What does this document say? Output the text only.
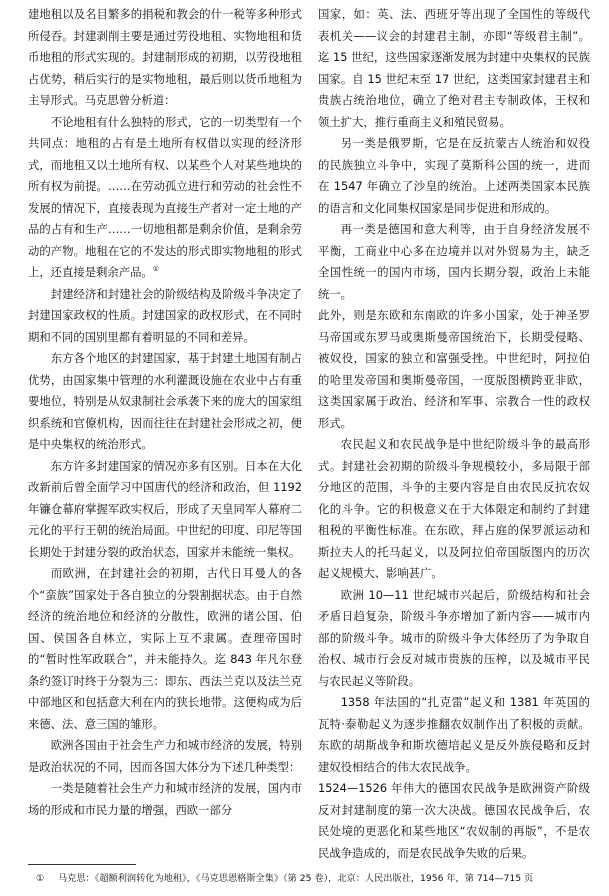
建地租以及名目繁多的捐税和教会的什一税等多种形式所侵吞。封建剥削主要是通过劳役地租、实物地租和货币地租的形式实现的。封建制形成的初期，以劳役地租占优势，稍后实行的是实物地租，最后则以货币地租为主导形式。马克思曾分析道：

不论地租有什么独特的形式，它的一切类型有一个共同点：地租的占有是土地所有权借以实现的经济形式，而地租又以土地所有权、以某些个人对某些地块的所有权为前提。……在劳动孤立进行和劳动的社会性不发展的情况下，直接表现为直接生产者对一定土地的产品的占有和生产……一切地租都是剩余价值，是剩余劳动的产物。地租在它的不发达的形式即实物地租的形式上，还直接是剩余产品。①

封建经济和封建社会的阶级结构及阶级斗争决定了封建国家政权的性质。封建国家的政权形式，在不同时期和不同的国别里都有着明显的不同和差异。

东方各个地区的封建国家，基于封建土地国有制占优势，由国家集中管理的水利灌溉设施在农业中占有重要地位，特别是从奴隶制社会承袭下来的庞大的国家组织系统和官僚机构，因而往往在封建社会形成之初，便是中央集权的统治形式。

东方许多封建国家的情况亦多有区别。日本在大化改新前后曾全面学习中国唐代的经济和政治，但 1192 年镰仓幕府掌握军政实权后，形成了天皇同军人幕府二元化的平行王朝的统治局面。中世纪的印度、印尼等国长期处于封建分裂的政治状态，国家并未能统一集权。

而欧洲，在封建社会的初期，古代日耳曼人的各个“蛮族”国家处于各自独立的分裂割据状态。由于自然经济的统治地位和经济的分散性，欧洲的诸公国、伯国、侯国各自林立，实际上互不隶属。查理帝国时的“暂时性军政联合”，并未能持久。迄 843 年凡尔登条约签订时终于分裂为三：即东、西法兰克以及法兰克中部地区和包括意大利在内的狭长地带。这便构成为后来德、法、意三国的雏形。

欧洲各国由于社会生产力和城市经济的发展，特别是政治状况的不同，因而各国大体分为下述几种类型：

一类是随着社会生产力和城市经济的发展，国内市场的形成和市民力量的增强，西欧一部分

国家，如：英、法、西班牙等出现了全国性的等级代表机关——议会的封建君主制，亦即“等级君主制”。迄 15 世纪，这些国家逐渐发展为封建中央集权的民族国家。自 15 世纪末至 17 世纪，这类国家封建君主和贵族占统治地位，确立了绝对君主专制政体，王权和领土扩大，推行重商主义和殖民贸易。

另一类是俄罗斯，它是在反抗蒙古人统治和奴役的民族独立斗争中，实现了莫斯科公国的统一，进而在 1547 年确立了沙皇的统治。上述两类国家本民族的语言和文化同集权国家是同步促进和形成的。

再一类是德国和意大利等，由于自身经济发展不平衡，工商业中心多在边境并以对外贸易为主，缺乏全国性统一的国内市场，国内长期分裂，政治上未能统一。

此外，则是东欧和东南欧的许多小国家，处于神圣罗马帝国或东罗马或奥斯曼帝国统治下，长期受侵略、被奴役，国家的独立和富强受挫。中世纪时，阿拉伯的哈里发帝国和奥斯曼帝国，一度版图横跨亚非欧，这类国家属于政治、经济和军事、宗教合一性的政权形式。

农民起义和农民战争是中世纪阶级斗争的最高形式。封建社会初期的阶级斗争规模较小，多局限于部分地区的范围，斗争的主要内容是自由农民反抗农奴化的斗争。它的积极意义在于大体限定和制约了封建租税的平衡性标准。在东欧，拜占庭的保罗派运动和斯拉夫人的托马起义，以及阿拉伯帝国版图内的历次起义规模大、影响甚广。

欧洲 10—11 世纪城市兴起后，阶级结构和社会矛盾日趋复杂，阶级斗争亦增加了新内容——城市内部的阶级斗争。城市的阶级斗争大体经历了为争取自治权、城市行会反对城市贵族的压榨，以及城市平民与农民起义等阶段。

1358 年法国的“扎克雷”起义和 1381 年英国的瓦特·泰勒起义为逐步推翻农奴制作出了积极的贡献。东欧的胡斯战争和斯坎德培起义是反外族侵略和反封建奴役相结合的伟大农民战争。

1524—1526 年伟大的德国农民战争是欧洲资产阶级反对封建制度的第一次大决战。德国农民战争后，农民处境的更恶化和某些地区“农奴制的再版”，不是农民战争造成的，而是农民战争失败的后果。

① 马克思：《超额利润转化为地租》，《马克思恩格斯全集》（第 25 卷），北京：人民出版社，1956 年，第 714—715 页
